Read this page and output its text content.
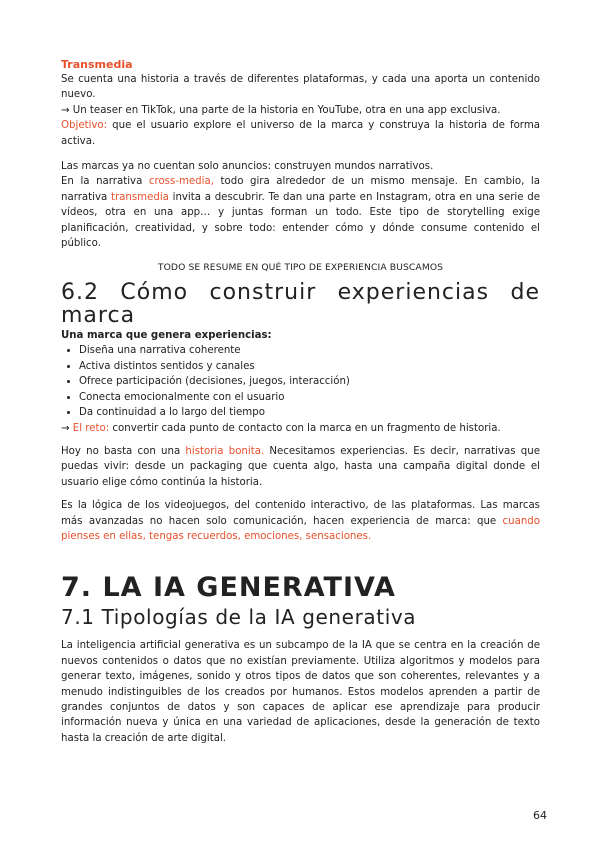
Transmedia

Se cuenta una historia a través de diferentes plataformas, y cada una aporta un contenido nuevo.

→ Un teaser en TikTok, una parte de la historia en YouTube, otra en una app exclusiva.

Objetivo: que el usuario explore el universo de la marca y construya la historia de forma activa.

Las marcas ya no cuentan solo anuncios: construyen mundos narrativos.

En la narrativa cross-media, todo gira alrededor de un mismo mensaje. En cambio, la narrativa transmedia invita a descubrir. Te dan una parte en Instagram, otra en una serie de vídeos, otra en una app… y juntas forman un todo. Este tipo de storytelling exige planificación, creatividad, y sobre todo: entender cómo y dónde consume contenido el público.

TODO SE RESUME EN QUÉ TIPO DE EXPERIENCIA BUSCAMOS

6.2 Cómo construir experiencias de
marca

Una marca que genera experiencias:

• Diseña una narrativa coherente
• Activa distintos sentidos y canales
• Ofrece participación (decisiones, juegos, interacción)
• Conecta emocionalmente con el usuario
• Da continuidad a lo largo del tiempo

→ El reto: convertir cada punto de contacto con la marca en un fragmento de historia.

Hoy no basta con una historia bonita. Necesitamos experiencias. Es decir, narrativas que puedas vivir: desde un packaging que cuenta algo, hasta una campaña digital donde el usuario elige cómo continúa la historia.

Es la lógica de los videojuegos, del contenido interactivo, de las plataformas. Las marcas más avanzadas no hacen solo comunicación, hacen experiencia de marca: que cuando pienses en ellas, tengas recuerdos, emociones, sensaciones.

7. LA IA GENERATIVA

7.1 Tipologías de la IA generativa

La inteligencia artificial generativa es un subcampo de la IA que se centra en la creación de nuevos contenidos o datos que no existían previamente. Utiliza algoritmos y modelos para generar texto, imágenes, sonido y otros tipos de datos que son coherentes, relevantes y a menudo indistinguibles de los creados por humanos. Estos modelos aprenden a partir de grandes conjuntos de datos y son capaces de aplicar ese aprendizaje para producir información nueva y única en una variedad de aplicaciones, desde la generación de texto hasta la creación de arte digital.

64
